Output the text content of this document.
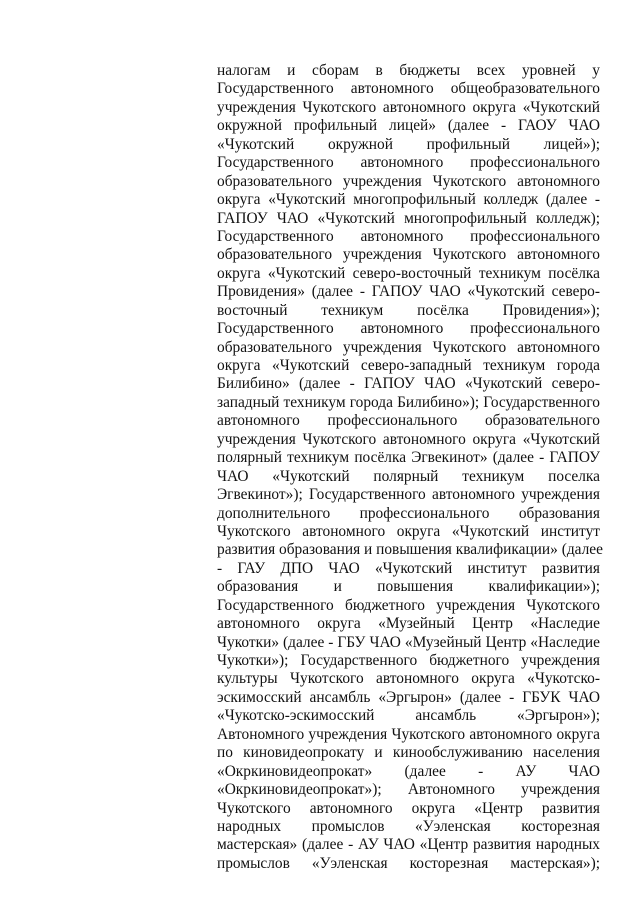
налогам и сборам в бюджеты всех уровней у
Государственного автономного общеобразовательного
учреждения Чукотского автономного округа «Чукотский
окружной профильный лицей» (далее - ГАОУ ЧАО
«Чукотский окружной профильный лицей»);
Государственного автономного профессионального
образовательного учреждения Чукотского автономного
округа «Чукотский многопрофильный колледж (далее -
ГАПОУ ЧАО «Чукотский многопрофильный колледж);
Государственного автономного профессионального
образовательного учреждения Чукотского автономного
округа «Чукотский северо-восточный техникум посёлка
Провидения» (далее - ГАПОУ ЧАО «Чукотский северо-
восточный техникум посёлка Провидения»);
Государственного автономного профессионального
образовательного учреждения Чукотского автономного
округа «Чукотский северо-западный техникум города
Билибино» (далее - ГАПОУ ЧАО «Чукотский северо-
западный техникум города Билибино»); Государственного
автономного профессионального образовательного
учреждения Чукотского автономного округа «Чукотский
полярный техникум посёлка Эгвекинот» (далее - ГАПОУ
ЧАО «Чукотский полярный техникум поселка
Эгвекинот»); Государственного автономного учреждения
дополнительного профессионального образования
Чукотского автономного округа «Чукотский институт
развития образования и повышения квалификации» (далее
- ГАУ ДПО ЧАО «Чукотский институт развития
образования и повышения квалификации»);
Государственного бюджетного учреждения Чукотского
автономного округа «Музейный Центр «Наследие
Чукотки» (далее - ГБУ ЧАО «Музейный Центр «Наследие
Чукотки»); Государственного бюджетного учреждения
культуры Чукотского автономного округа «Чукотско-
эскимосский ансамбль «Эргырон» (далее - ГБУК ЧАО
«Чукотско-эскимосский ансамбль «Эргырон»);
Автономного учреждения Чукотского автономного округа
по киновидеопрокату и кинообслуживанию населения
«Окркиновидеопрокат» (далее - АУ ЧАО
«Окркиновидеопрокат»); Автономного учреждения
Чукотского автономного округа «Центр развития
народных промыслов «Уэленская косторезная
мастерская» (далее - АУ ЧАО «Центр развития народных
промыслов «Уэленская косторезная мастерская»);
